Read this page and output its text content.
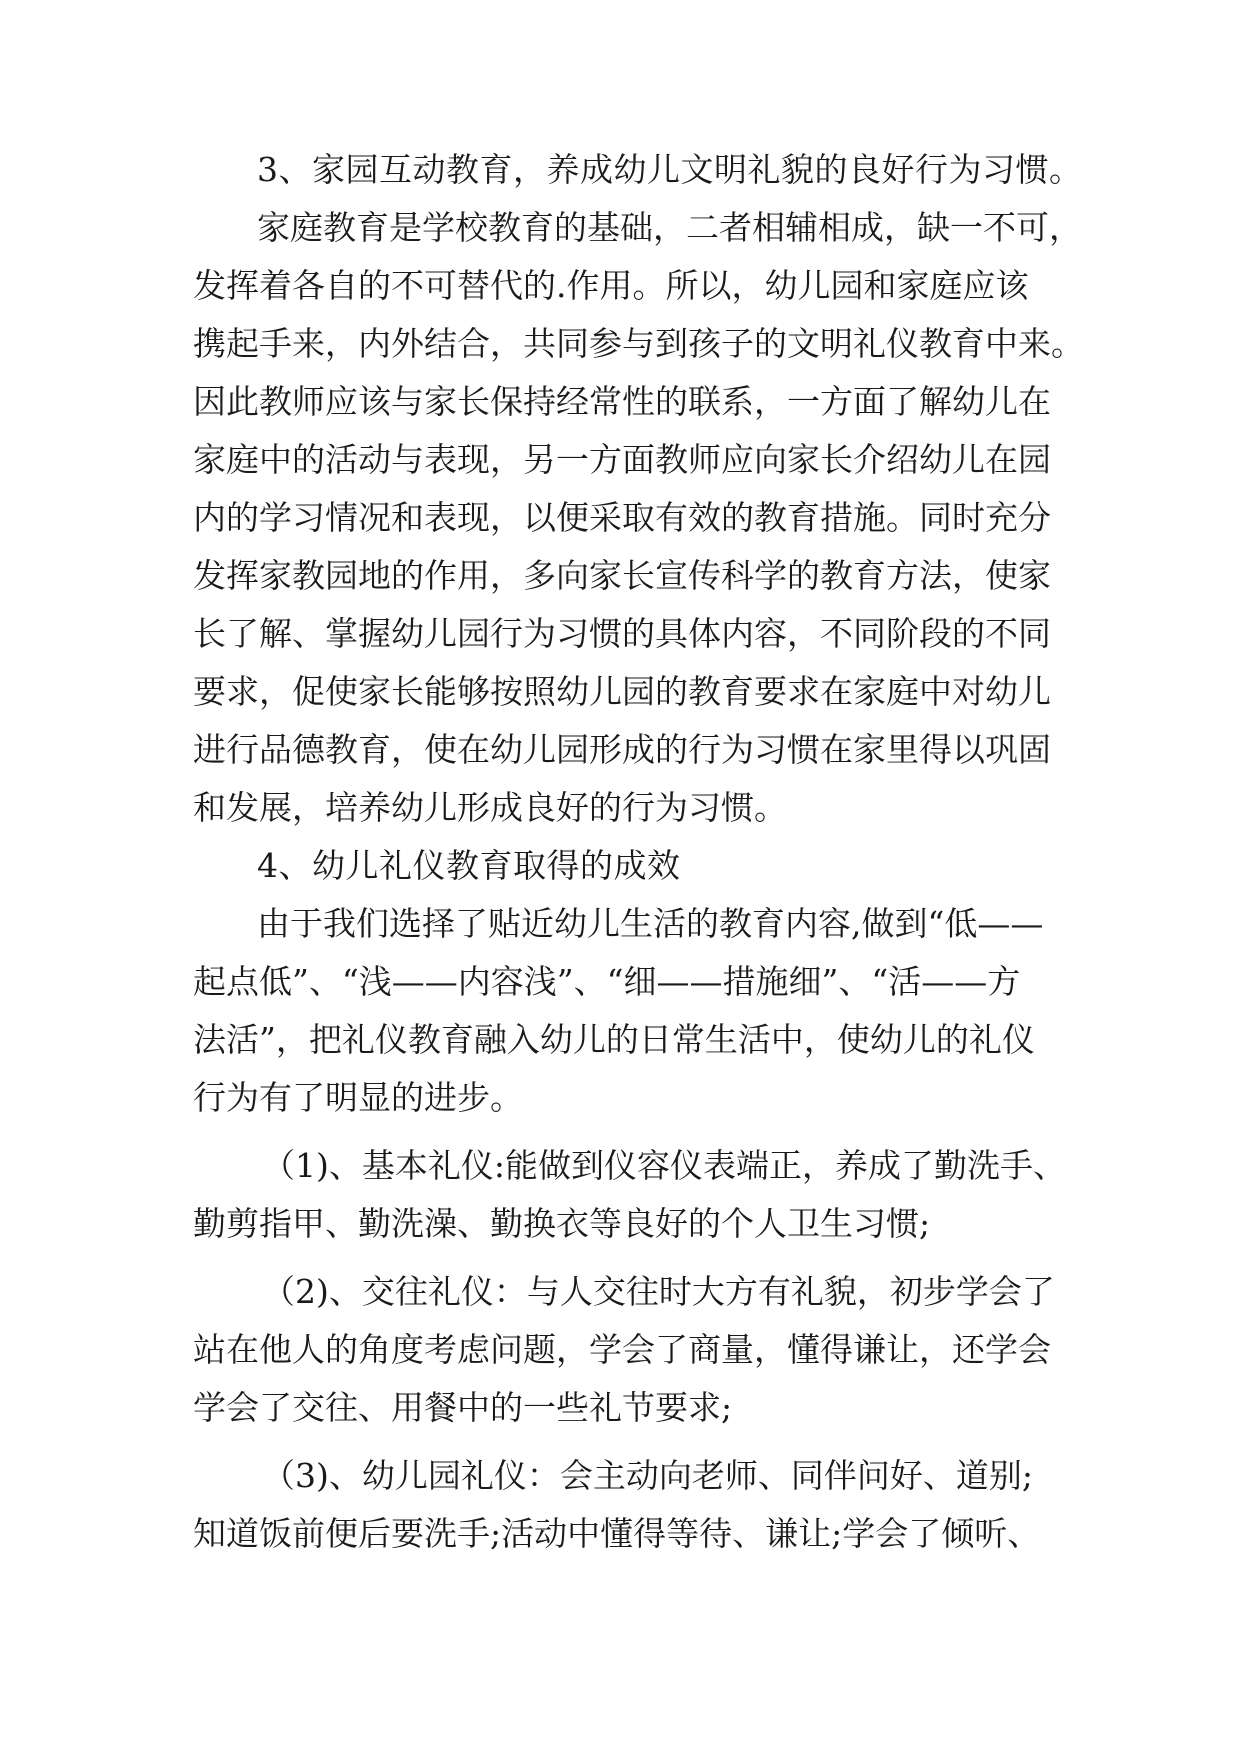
3、家园互动教育，养成幼儿文明礼貌的良好行为习惯。
家庭教育是学校教育的基础，二者相辅相成，缺一不可，
发挥着各自的不可替代的.作用。所以，幼儿园和家庭应该
携起手来，内外结合，共同参与到孩子的文明礼仪教育中来。
因此教师应该与家长保持经常性的联系，一方面了解幼儿在
家庭中的活动与表现，另一方面教师应向家长介绍幼儿在园
内的学习情况和表现，以便采取有效的教育措施。同时充分
发挥家教园地的作用，多向家长宣传科学的教育方法，使家
长了解、掌握幼儿园行为习惯的具体内容，不同阶段的不同
要求，促使家长能够按照幼儿园的教育要求在家庭中对幼儿
进行品德教育，使在幼儿园形成的行为习惯在家里得以巩固
和发展，培养幼儿形成良好的行为习惯。
4、幼儿礼仪教育取得的成效
由于我们选择了贴近幼儿生活的教育内容,做到“低——
起点低”、“浅——内容浅”、“细——措施细”、“活——方
法活”，把礼仪教育融入幼儿的日常生活中，使幼儿的礼仪
行为有了明显的进步。
（1)、基本礼仪:能做到仪容仪表端正，养成了勤洗手、
勤剪指甲、勤洗澡、勤换衣等良好的个人卫生习惯;
（2)、交往礼仪：与人交往时大方有礼貌，初步学会了
站在他人的角度考虑问题，学会了商量，懂得谦让，还学会
学会了交往、用餐中的一些礼节要求;
（3)、幼儿园礼仪：会主动向老师、同伴问好、道别;
知道饭前便后要洗手;活动中懂得等待、谦让;学会了倾听、
